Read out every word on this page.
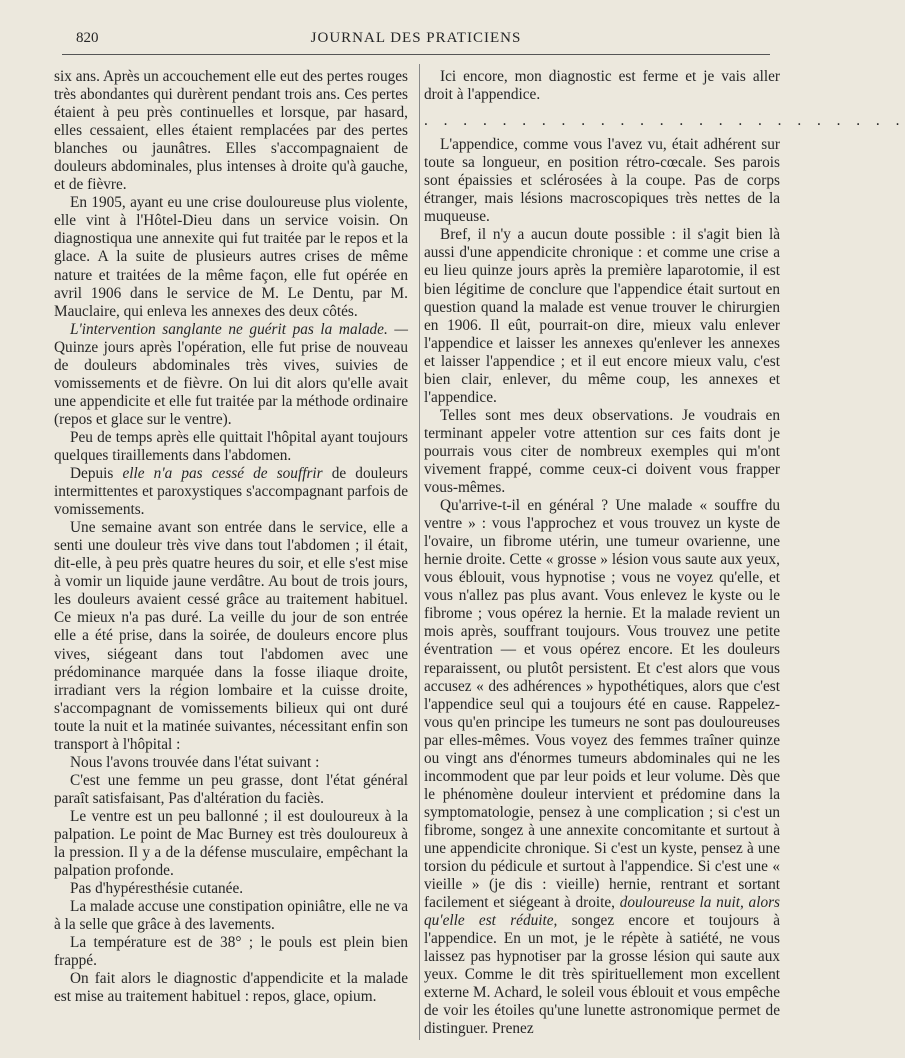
820	JOURNAL DES PRATICIENS

six ans. Après un accouchement elle eut des pertes rouges très abondantes qui durèrent pendant trois ans. Ces pertes étaient à peu près continuelles et lorsque, par hasard, elles cessaient, elles étaient remplacées par des pertes blanches ou jaunâtres. Elles s'accompagnaient de douleurs abdominales, plus intenses à droite qu'à gauche, et de fièvre.

En 1905, ayant eu une crise douloureuse plus violente, elle vint à l'Hôtel-Dieu dans un service voisin. On diagnostiqua une annexite qui fut traitée par le repos et la glace. A la suite de plusieurs autres crises de même nature et traitées de la même façon, elle fut opérée en avril 1906 dans le service de M. Le Dentu, par M. Mauclaire, qui enleva les annexes des deux côtés.

L'intervention sanglante ne guérit pas la malade. — Quinze jours après l'opération, elle fut prise de nouveau de douleurs abdominales très vives, suivies de vomissements et de fièvre. On lui dit alors qu'elle avait une appendicite et elle fut traitée par la méthode ordinaire (repos et glace sur le ventre).

Peu de temps après elle quittait l'hôpital ayant toujours quelques tiraillements dans l'abdomen.

Depuis elle n'a pas cessé de souffrir de douleurs intermittentes et paroxystiques s'accompagnant parfois de vomissements.

Une semaine avant son entrée dans le service, elle a senti une douleur très vive dans tout l'abdomen ; il était, dit-elle, à peu près quatre heures du soir, et elle s'est mise à vomir un liquide jaune verdâtre. Au bout de trois jours, les douleurs avaient cessé grâce au traitement habituel. Ce mieux n'a pas duré. La veille du jour de son entrée elle a été prise, dans la soirée, de douleurs encore plus vives, siégeant dans tout l'abdomen avec une prédominance marquée dans la fosse iliaque droite, irradiant vers la région lombaire et la cuisse droite, s'accompagnant de vomissements bilieux qui ont duré toute la nuit et la matinée suivantes, nécessitant enfin son transport à l'hôpital :

Nous l'avons trouvée dans l'état suivant :

C'est une femme un peu grasse, dont l'état général paraît satisfaisant, Pas d'altération du faciès.

Le ventre est un peu ballonné ; il est douloureux à la palpation. Le point de Mac Burney est très douloureux à la pression. Il y a de la défense musculaire, empêchant la palpation profonde.

Pas d'hypéresthésie cutanée.

La malade accuse une constipation opiniâtre, elle ne va à la selle que grâce à des lavements.

La température est de 38° ; le pouls est plein bien frappé.

On fait alors le diagnostic d'appendicite et la malade est mise au traitement habituel : repos, glace, opium.

Ici encore, mon diagnostic est ferme et je vais aller droit à l'appendice.

. . . . . . . . . . . . . . . . . . . . . . . . .

L'appendice, comme vous l'avez vu, était adhérent sur toute sa longueur, en position rétro-cœcale. Ses parois sont épaissies et sclérosées à la coupe. Pas de corps étranger, mais lésions macroscopiques très nettes de la muqueuse.

Bref, il n'y a aucun doute possible : il s'agit bien là aussi d'une appendicite chronique : et comme une crise a eu lieu quinze jours après la première laparotomie, il est bien légitime de conclure que l'appendice était surtout en question quand la malade est venue trouver le chirurgien en 1906. Il eût, pourrait-on dire, mieux valu enlever l'appendice et laisser les annexes qu'enlever les annexes et laisser l'appendice ; et il eut encore mieux valu, c'est bien clair, enlever, du même coup, les annexes et l'appendice.

Telles sont mes deux observations. Je voudrais en terminant appeler votre attention sur ces faits dont je pourrais vous citer de nombreux exemples qui m'ont vivement frappé, comme ceux-ci doivent vous frapper vous-mêmes.

Qu'arrive-t-il en général ? Une malade « souffre du ventre » : vous l'approchez et vous trouvez un kyste de l'ovaire, un fibrome utérin, une tumeur ovarienne, une hernie droite. Cette « grosse » lésion vous saute aux yeux, vous éblouit, vous hypnotise ; vous ne voyez qu'elle, et vous n'allez pas plus avant. Vous enlevez le kyste ou le fibrome ; vous opérez la hernie. Et la malade revient un mois après, souffrant toujours. Vous trouvez une petite éventration — et vous opérez encore. Et les douleurs reparaissent, ou plutôt persistent. Et c'est alors que vous accusez « des adhérences » hypothétiques, alors que c'est l'appendice seul qui a toujours été en cause. Rappelez-vous qu'en principe les tumeurs ne sont pas douloureuses par elles-mêmes. Vous voyez des femmes traîner quinze ou vingt ans d'énormes tumeurs abdominales qui ne les incommodent que par leur poids et leur volume. Dès que le phénomène douleur intervient et prédomine dans la symptomatologie, pensez à une complication ; si c'est un fibrome, songez à une annexite concomitante et surtout à une appendicite chronique. Si c'est un kyste, pensez à une torsion du pédicule et surtout à l'appendice. Si c'est une « vieille » (je dis : vieille) hernie, rentrant et sortant facilement et siégeant à droite, douloureuse la nuit, alors qu'elle est réduite, songez encore et toujours à l'appendice. En un mot, je le répète à satiété, ne vous laissez pas hypnotiser par la grosse lésion qui saute aux yeux. Comme le dit très spirituellement mon excellent externe M. Achard, le soleil vous éblouit et vous empêche de voir les étoiles qu'une lunette astronomique permet de distinguer. Prenez
